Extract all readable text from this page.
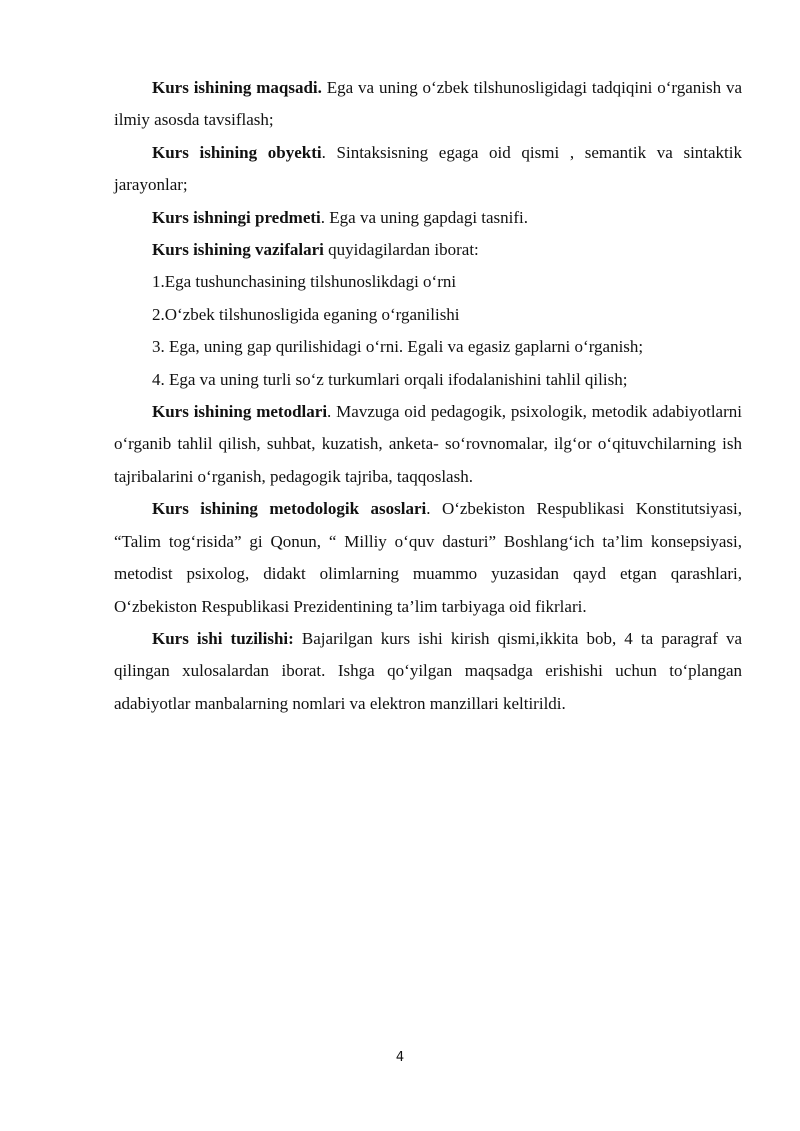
Kurs ishining maqsadi. Ega va uning o‘zbek tilshunosligidagi tadqiqini o‘rganish va ilmiy asosda tavsiflash;

Kurs ishining obyekti. Sintaksisning egaga oid qismi , semantik va sintaktik jarayonlar;

Kurs ishningi predmeti. Ega va uning gapdagi tasnifi.

Kurs ishining vazifalari quyidagilardan iborat:

1.Ega tushunchasining tilshunoslikdagi o‘rni

2.O‘zbek tilshunosligida eganing o‘rganilishi

3. Ega, uning gap qurilishidagi o‘rni. Egali va egasiz gaplarni o‘rganish;

4. Ega va uning turli so‘z turkumlari orqali ifodalanishini tahlil qilish;

Kurs ishining metodlari. Mavzuga oid pedagogik, psixologik, metodik adabiyotlarni o‘rganib tahlil qilish, suhbat, kuzatish, anketa- so‘rovnomalar, ilg‘or o‘qituvchilarning ish tajribalarini o‘rganish, pedagogik tajriba, taqqoslash.

Kurs ishining metodologik asoslari. O‘zbekiston Respublikasi Konstitutsiyasi, “Talim tog‘risida” gi Qonun, “ Milliy o‘quv dasturi” Boshlang‘ich ta’lim konsepsiyasi, metodist psixolog, didakt olimlarning muammo yuzasidan qayd etgan qarashlari, O‘zbekiston Respublikasi Prezidentining ta’lim tarbiyaga oid fikrlari.

Kurs ishi tuzilishi: Bajarilgan kurs ishi kirish qismi,ikkita bob, 4 ta paragraf va qilingan xulosalardan iborat. Ishga qo‘yilgan maqsadga erishishi uchun to‘plangan adabiyotlar manbalarning nomlari va elektron manzillari keltirildi.

4
